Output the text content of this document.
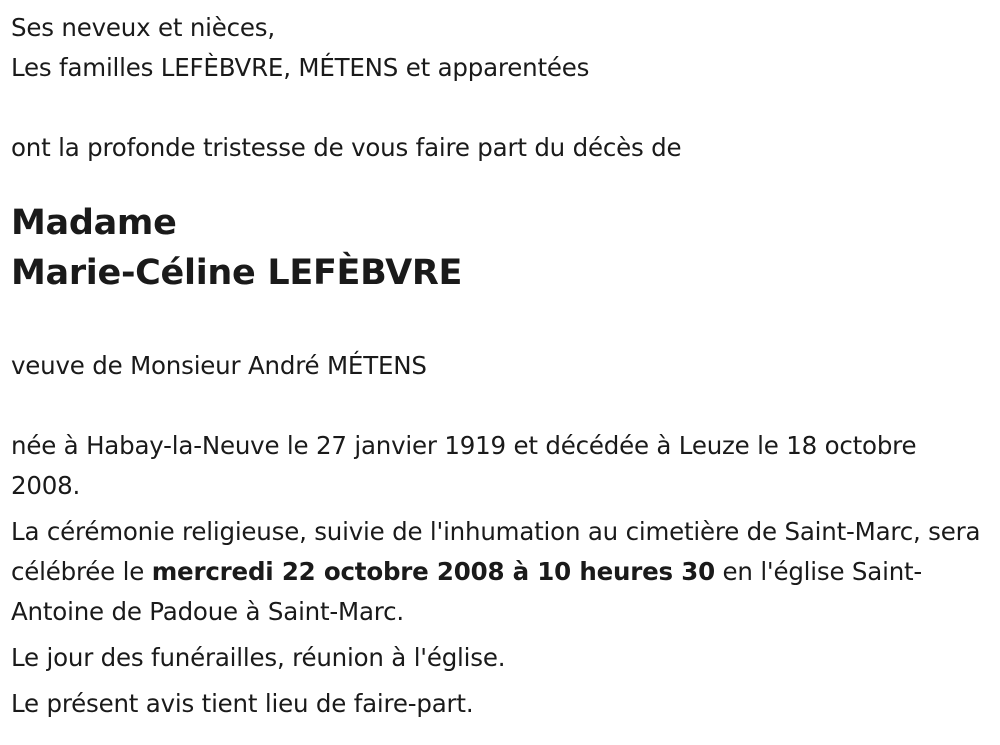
Ses neveux et nièces,

Les familles LEFÈBVRE, MÉTENS et apparentées

ont la profonde tristesse de vous faire part du décès de

Madame
Marie-Céline LEFÈBVRE

veuve de Monsieur André MÉTENS

née à Habay-la-Neuve le 27 janvier 1919 et décédée à Leuze le 18 octobre 2008.

La cérémonie religieuse, suivie de l'inhumation au cimetière de Saint-Marc, sera célébrée le mercredi 22 octobre 2008 à 10 heures 30 en l'église Saint-Antoine de Padoue à Saint-Marc.

Le jour des funérailles, réunion à l'église.

Le présent avis tient lieu de faire-part.
